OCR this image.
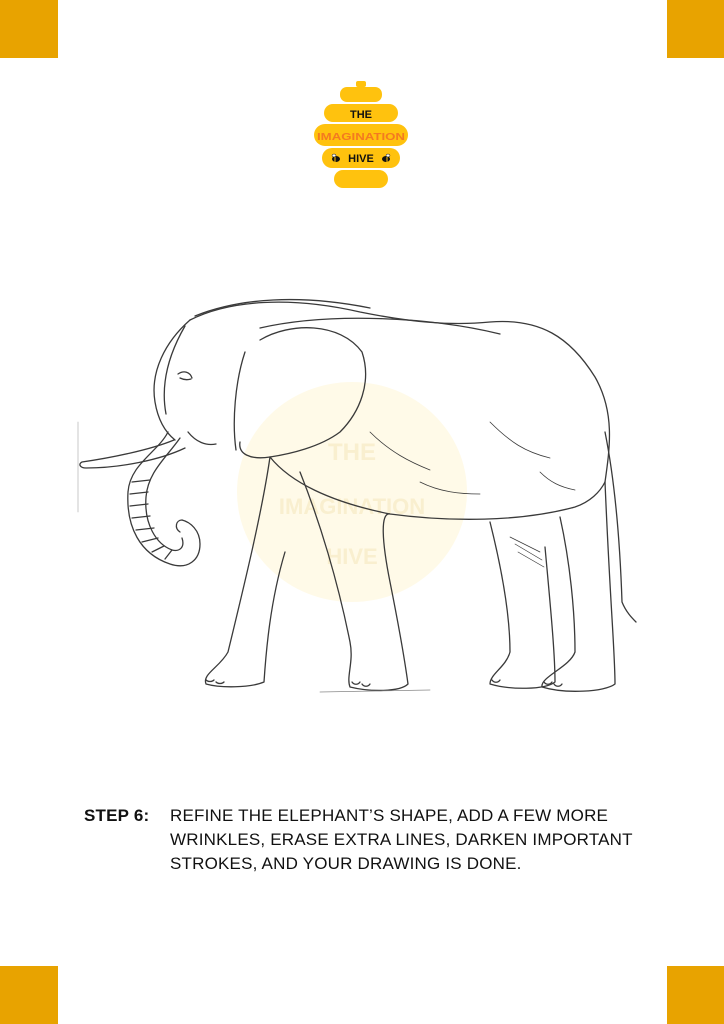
THE
IMAGINATION
HIVE
THE
IMAGINATION
HIVE
STEP 6: REFINE THE ELEPHANT’S SHAPE, ADD A FEW MORE WRINKLES, ERASE EXTRA LINES, DARKEN IMPORTANT STROKES, AND YOUR DRAWING IS DONE.
